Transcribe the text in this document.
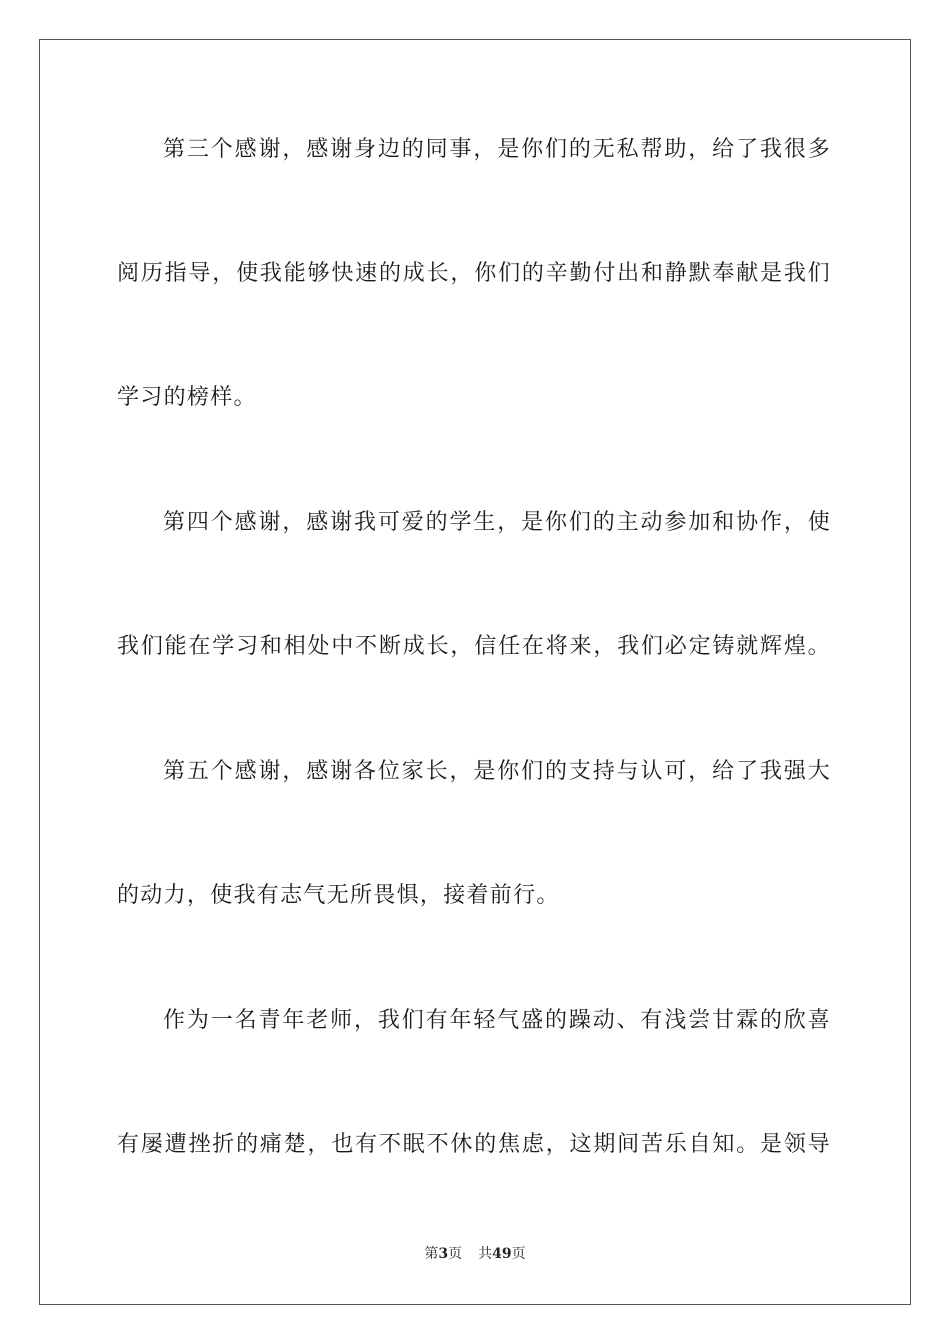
第三个感谢，感谢身边的同事，是你们的无私帮助，给了我很多
阅历指导，使我能够快速的成长，你们的辛勤付出和静默奉献是我们
学习的榜样。
第四个感谢，感谢我可爱的学生，是你们的主动参加和协作，使
我们能在学习和相处中不断成长，信任在将来，我们必定铸就辉煌。
第五个感谢，感谢各位家长，是你们的支持与认可，给了我强大
的动力，使我有志气无所畏惧，接着前行。
作为一名青年老师，我们有年轻气盛的躁动、有浅尝甘霖的欣喜
有屡遭挫折的痛楚，也有不眠不休的焦虑，这期间苦乐自知。是领导
第3页 共49页
